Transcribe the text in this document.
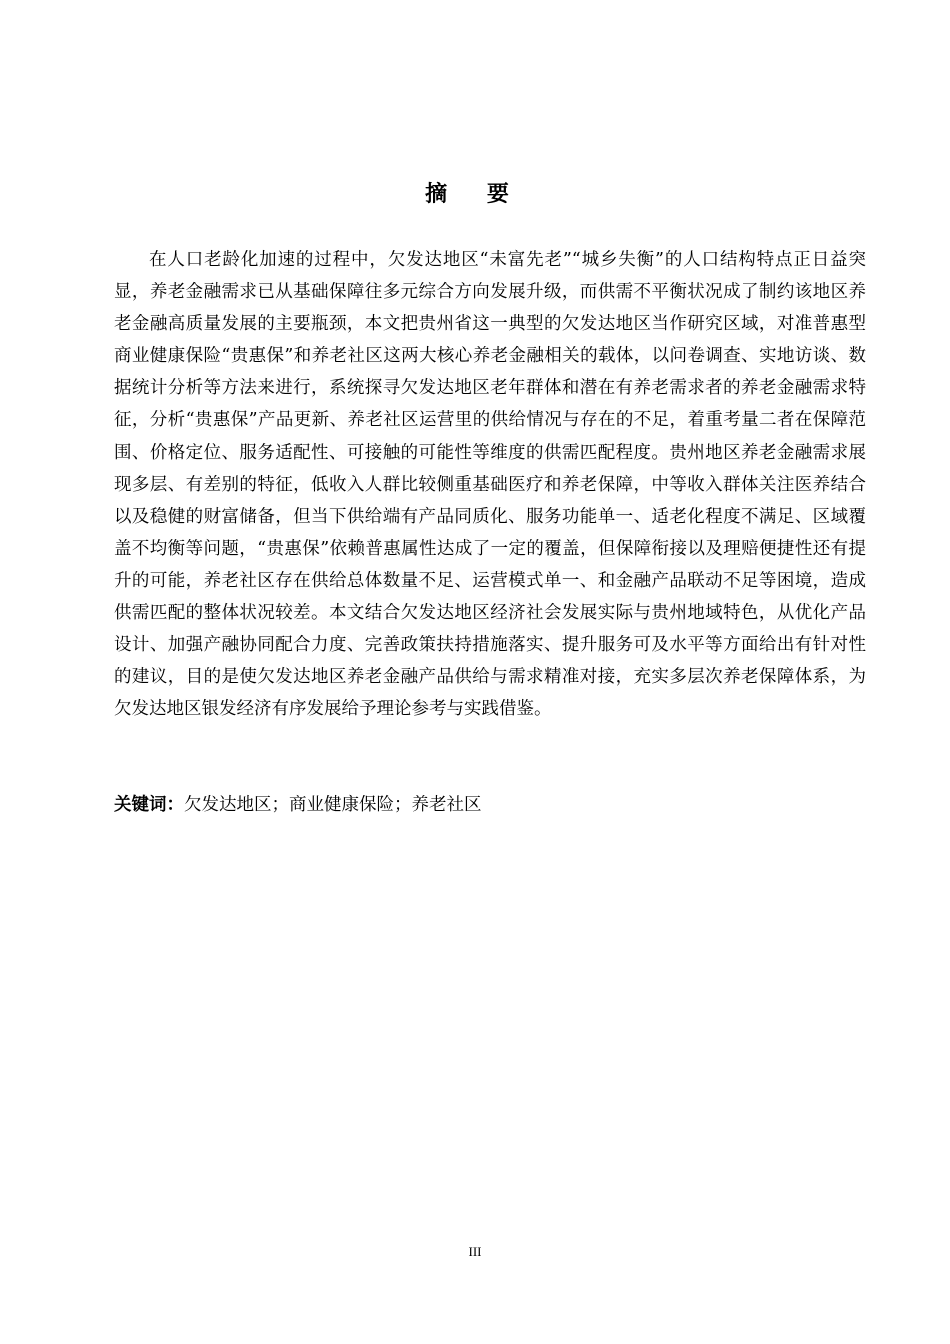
摘 要

在人口老龄化加速的过程中，欠发达地区“未富先老”“城乡失衡”的人口结构特点正日益突显，养老金融需求已从基础保障往多元综合方向发展升级，而供需不平衡状况成了制约该地区养老金融高质量发展的主要瓶颈，本文把贵州省这一典型的欠发达地区当作研究区域，对准普惠型商业健康保险“贵惠保”和养老社区这两大核心养老金融相关的载体，以问卷调查、实地访谈、数据统计分析等方法来进行，系统探寻欠发达地区老年群体和潜在有养老需求者的养老金融需求特征，分析“贵惠保”产品更新、养老社区运营里的供给情况与存在的不足，着重考量二者在保障范围、价格定位、服务适配性、可接触的可能性等维度的供需匹配程度。贵州地区养老金融需求展现多层、有差别的特征，低收入人群比较侧重基础医疗和养老保障，中等收入群体关注医养结合以及稳健的财富储备，但当下供给端有产品同质化、服务功能单一、适老化程度不满足、区域覆盖不均衡等问题，“贵惠保”依赖普惠属性达成了一定的覆盖，但保障衔接以及理赔便捷性还有提升的可能，养老社区存在供给总体数量不足、运营模式单一、和金融产品联动不足等困境，造成供需匹配的整体状况较差。本文结合欠发达地区经济社会发展实际与贵州地域特色，从优化产品设计、加强产融协同配合力度、完善政策扶持措施落实、提升服务可及水平等方面给出有针对性的建议，目的是使欠发达地区养老金融产品供给与需求精准对接，充实多层次养老保障体系，为欠发达地区银发经济有序发展给予理论参考与实践借鉴。

关键词：欠发达地区；商业健康保险；养老社区

III
